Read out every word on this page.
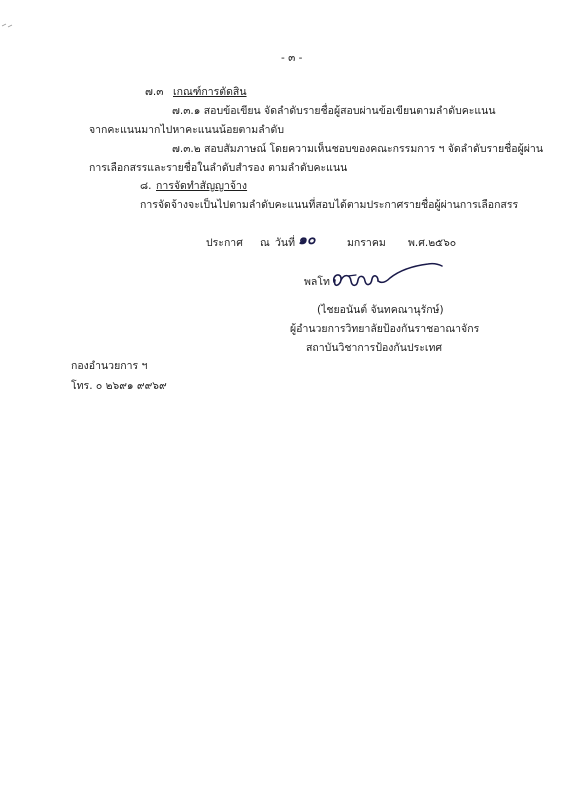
- ๓ -
๗.๓ เกณฑ์การตัดสิน
๗.๓.๑ สอบข้อเขียน จัดลำดับรายชื่อผู้สอบผ่านข้อเขียนตามลำดับคะแนน
จากคะแนนมากไปหาคะแนนน้อยตามลำดับ
๗.๓.๒ สอบสัมภาษณ์ โดยความเห็นชอบของคณะกรรมการ ฯ จัดลำดับรายชื่อผู้ผ่าน
การเลือกสรรและรายชื่อในลำดับสำรอง ตามลำดับคะแนน
๘. การจัดทำสัญญาจ้าง
การจัดจ้างจะเป็นไปตามลำดับคะแนนที่สอบได้ตามประกาศรายชื่อผู้ผ่านการเลือกสรร
ประกาศ ณ วันที่ ๑๐	มกราคม พ.ศ.๒๕๖๐
พลโท
(ไชยอนันต์ จันทคณานุรักษ์)
ผู้อำนวยการวิทยาลัยป้องกันราชอาณาจักร
สถาบันวิชาการป้องกันประเทศ
กองอำนวยการ ฯ
โทร. ๐ ๒๖๙๑ ๙๙๖๙
